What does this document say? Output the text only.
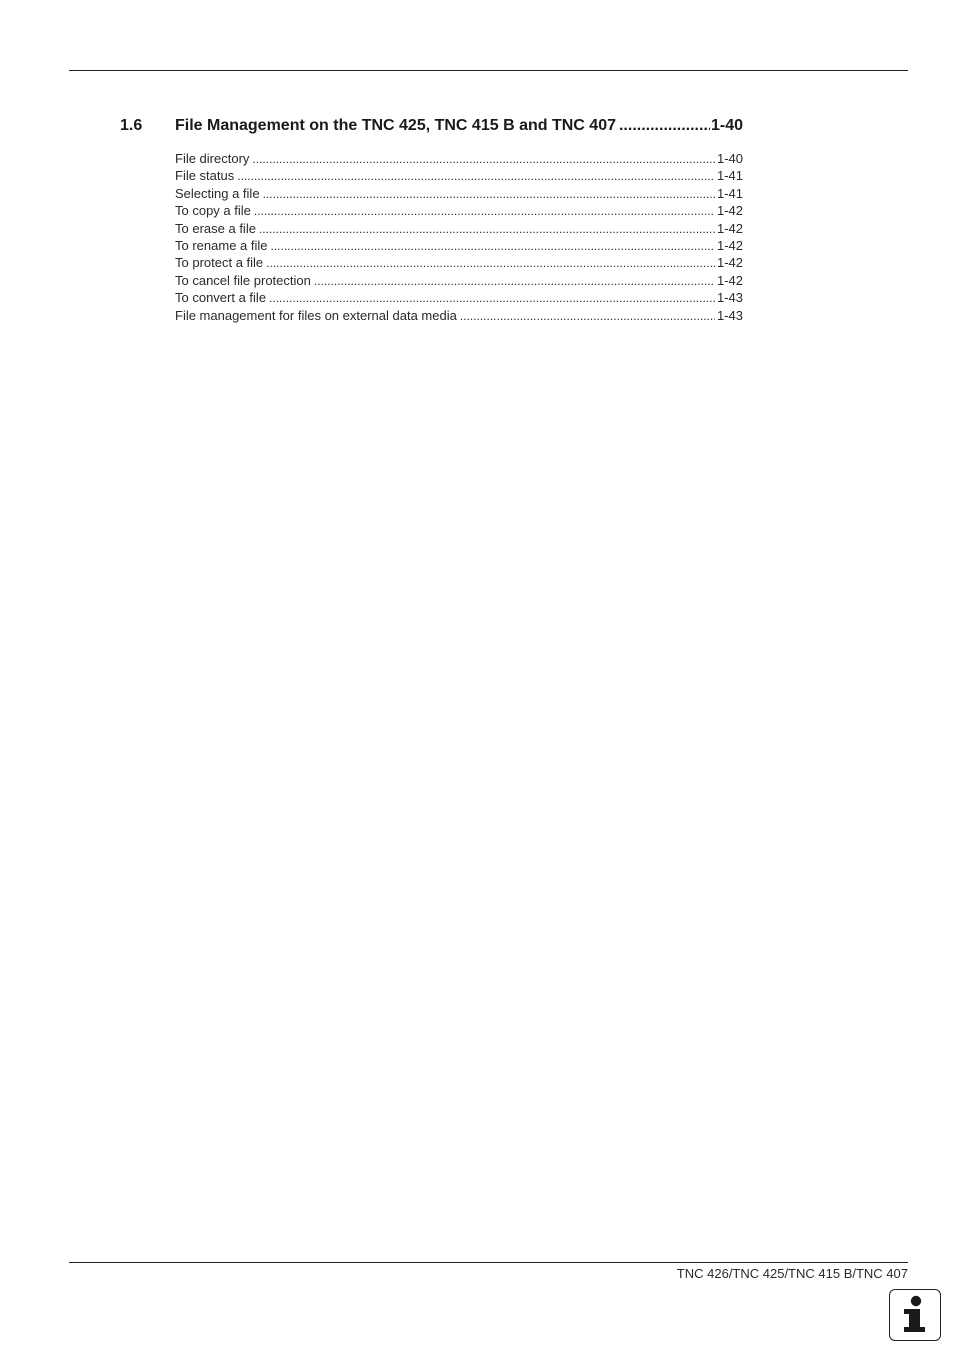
1.6	File Management on the TNC 425, TNC 415 B and TNC 407 .....	1-40
File directory .....	1-40
File status .....	1-41
Selecting a file .....	1-41
To copy a file .....	1-42
To erase a file .....	1-42
To rename a file .....	1-42
To protect a file .....	1-42
To cancel file protection .....	1-42
To convert a file .....	1-43
File management for files on external data media .....	1-43
TNC 426/TNC 425/TNC 415 B/TNC 407
